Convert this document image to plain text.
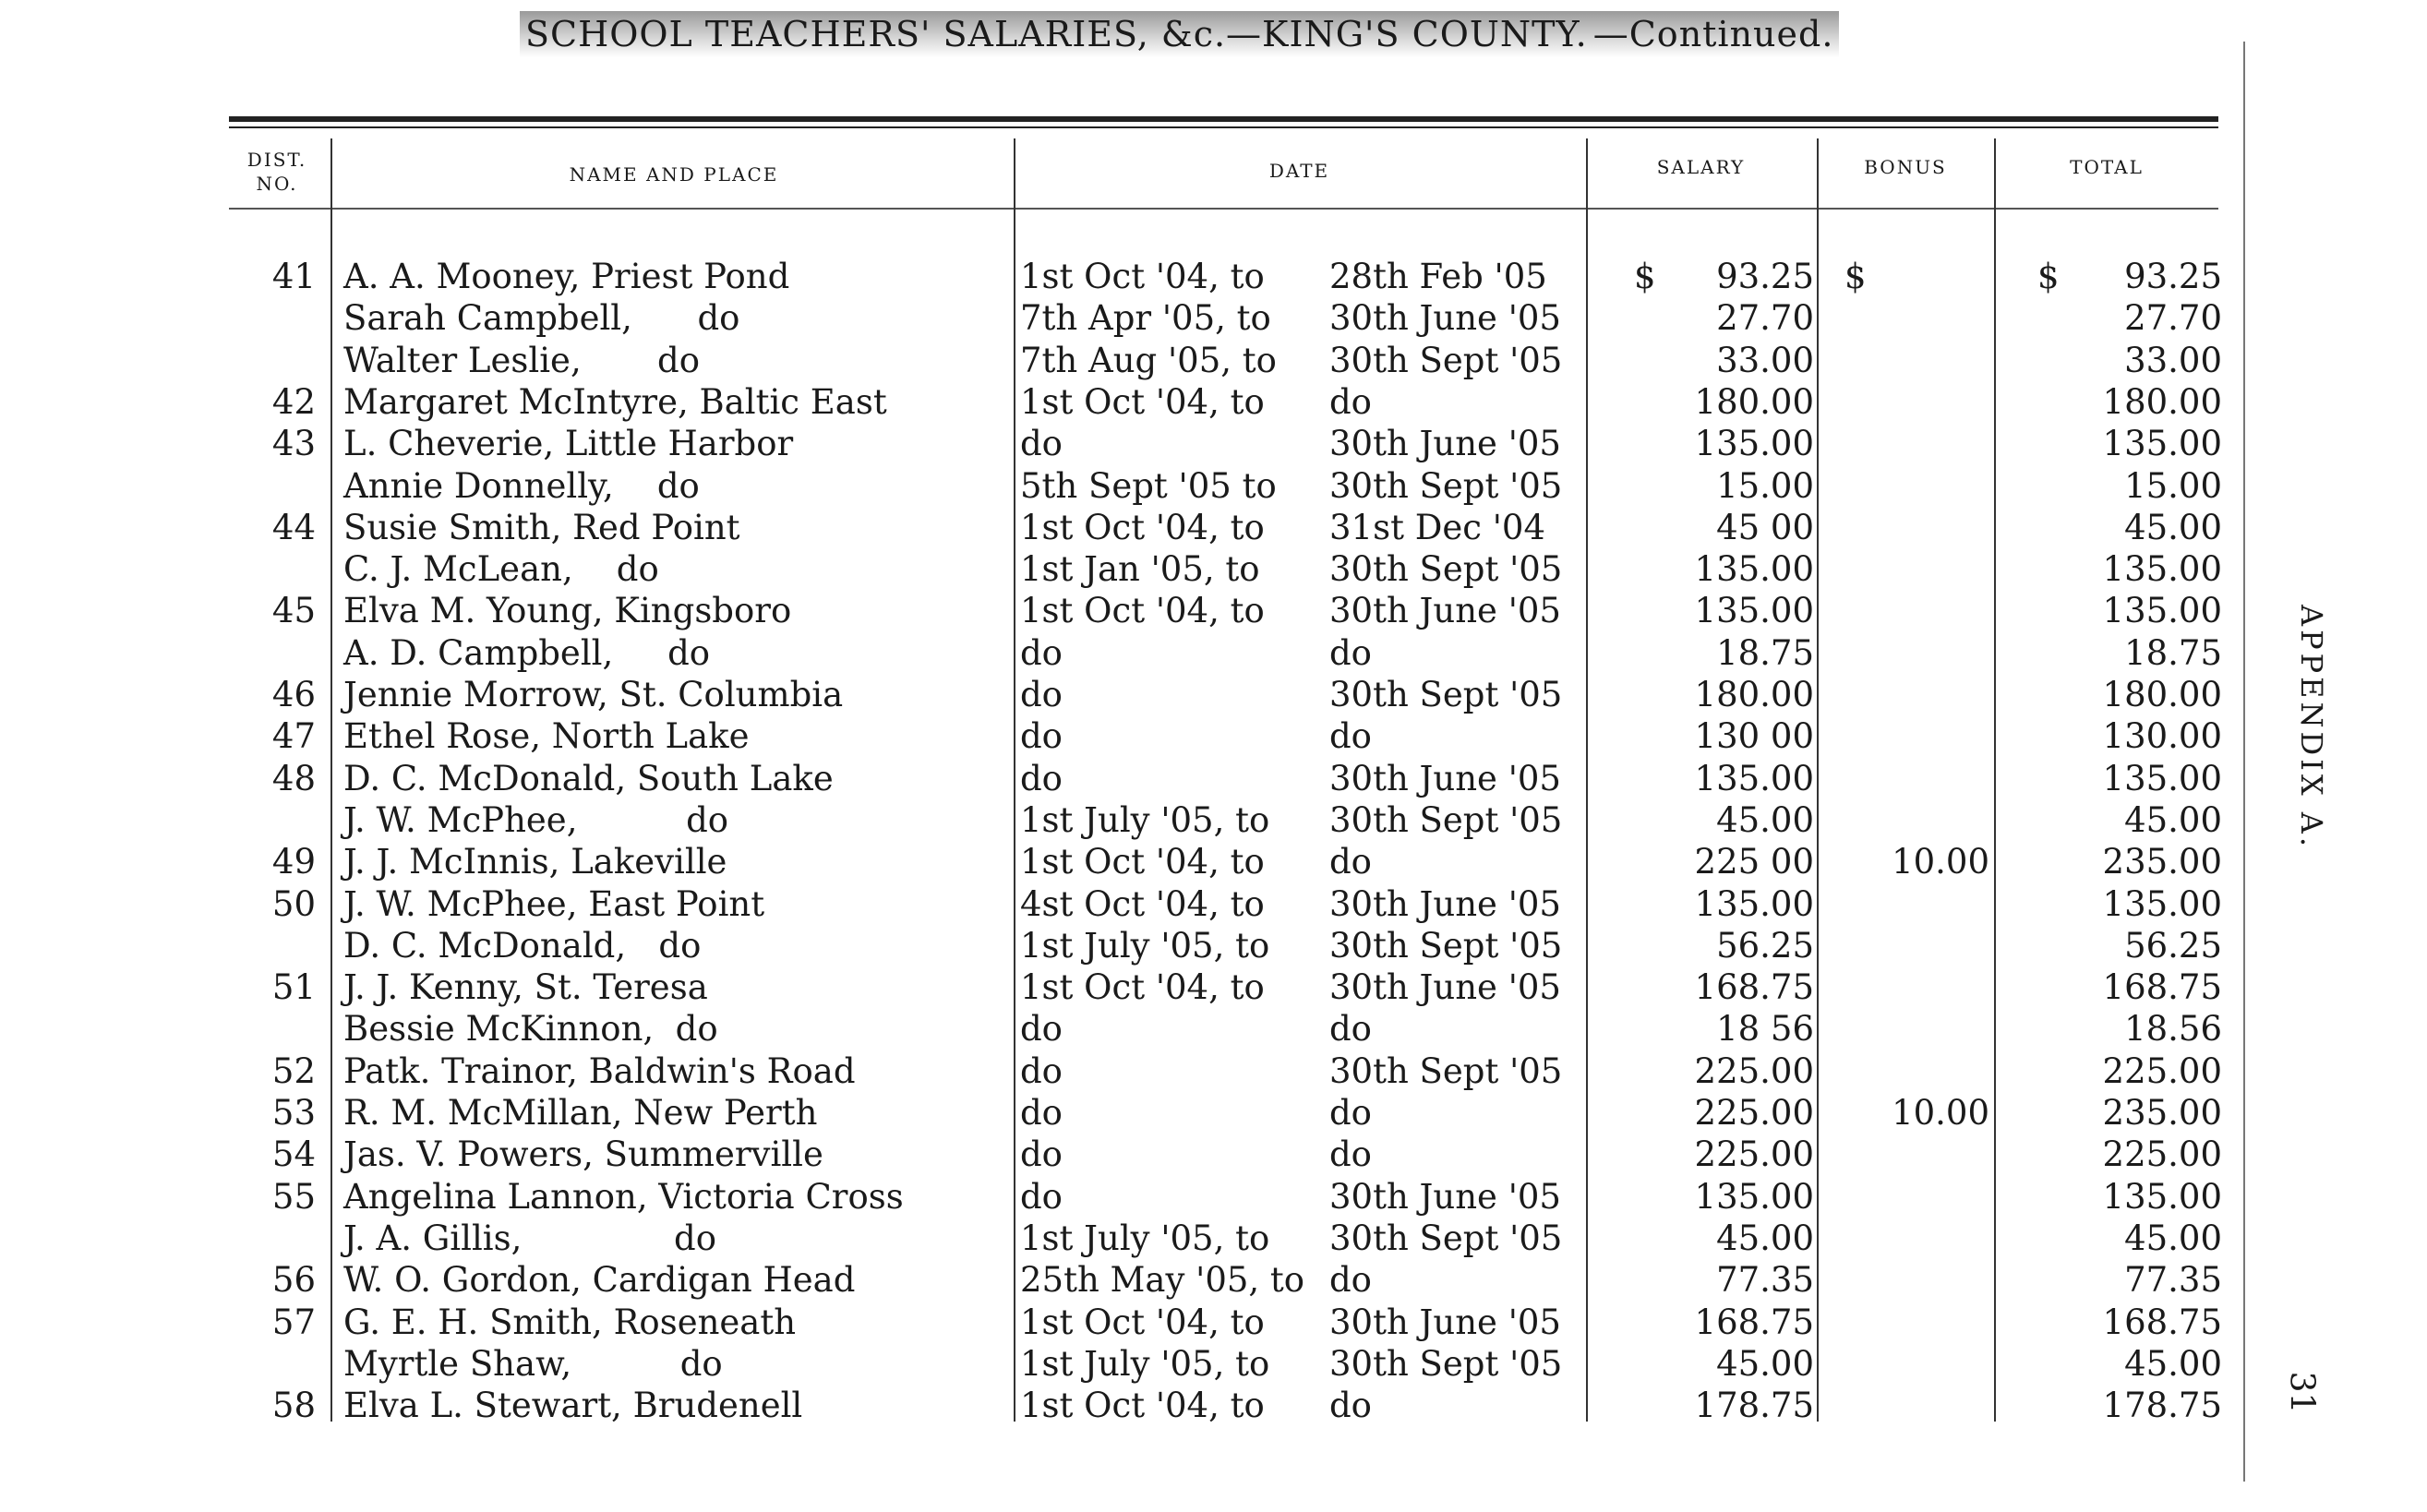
SCHOOL TEACHERS' SALARIES, &c.—KING'S COUNTY. —Continued.
DIST.
NO.	NAME AND PLACE	DATE	SALARY	BONUS	TOTAL
41 A. A. Mooney, Priest Pond	1st Oct '04, to 28th Feb '05	93.25	93.25
$	$	$
Sarah Campbell,      do	7th Apr '05, to 30th June '05	27.70	27.70
Walter Leslie,       do	7th Aug '05, to 30th Sept '05	33.00	33.00
42 Margaret McIntyre, Baltic East	1st Oct '04, to do	180.00	180.00
43 L. Cheverie, Little Harbor	do	30th June '05	135.00	135.00
Annie Donnelly,    do	5th Sept '05 to 30th Sept '05	15.00	15.00
44 Susie Smith, Red Point	1st Oct '04, to 31st Dec '04	45 00	45.00
C. J. McLean,    do	1st Jan '05, to 30th Sept '05	135.00	135.00
45 Elva M. Young, Kingsboro	1st Oct '04, to 30th June '05	135.00	135.00
A. D. Campbell,     do	do	do	18.75	18.75
46 Jennie Morrow, St. Columbia	do	30th Sept '05	180.00	180.00
47 Ethel Rose, North Lake	do	do	130 00	130.00
48 D. C. McDonald, South Lake	do	30th June '05	135.00	135.00
J. W. McPhee,          do	1st July '05, to 30th Sept '05	45.00	45.00
49 J. J. McInnis, Lakeville	1st Oct '04, to do	225 00	10.00	235.00
50 J. W. McPhee, East Point	4st Oct '04, to 30th June '05	135.00	135.00
D. C. McDonald,   do	1st July '05, to 30th Sept '05	56.25	56.25
51 J. J. Kenny, St. Teresa	1st Oct '04, to 30th June '05	168.75	168.75
Bessie McKinnon,  do	do	do	18 56	18.56
52 Patk. Trainor, Baldwin's Road	do	30th Sept '05	225.00	225.00
53 R. M. McMillan, New Perth	do	do	225.00	10.00	235.00
54 Jas. V. Powers, Summerville	do	do	225.00	225.00
55 Angelina Lannon, Victoria Cross	do	30th June '05	135.00	135.00
J. A. Gillis,              do	1st July '05, to 30th Sept '05	45.00	45.00
56 W. O. Gordon, Cardigan Head	25th May '05, to do	77.35	77.35
57 G. E. H. Smith, Roseneath	1st Oct '04, to 30th June '05	168.75	168.75
Myrtle Shaw,          do	1st July '05, to 30th Sept '05	45.00	45.00
58 Elva L. Stewart, Brudenell	1st Oct '04, to do	178.75	178.75
APPENDIX A.
31
